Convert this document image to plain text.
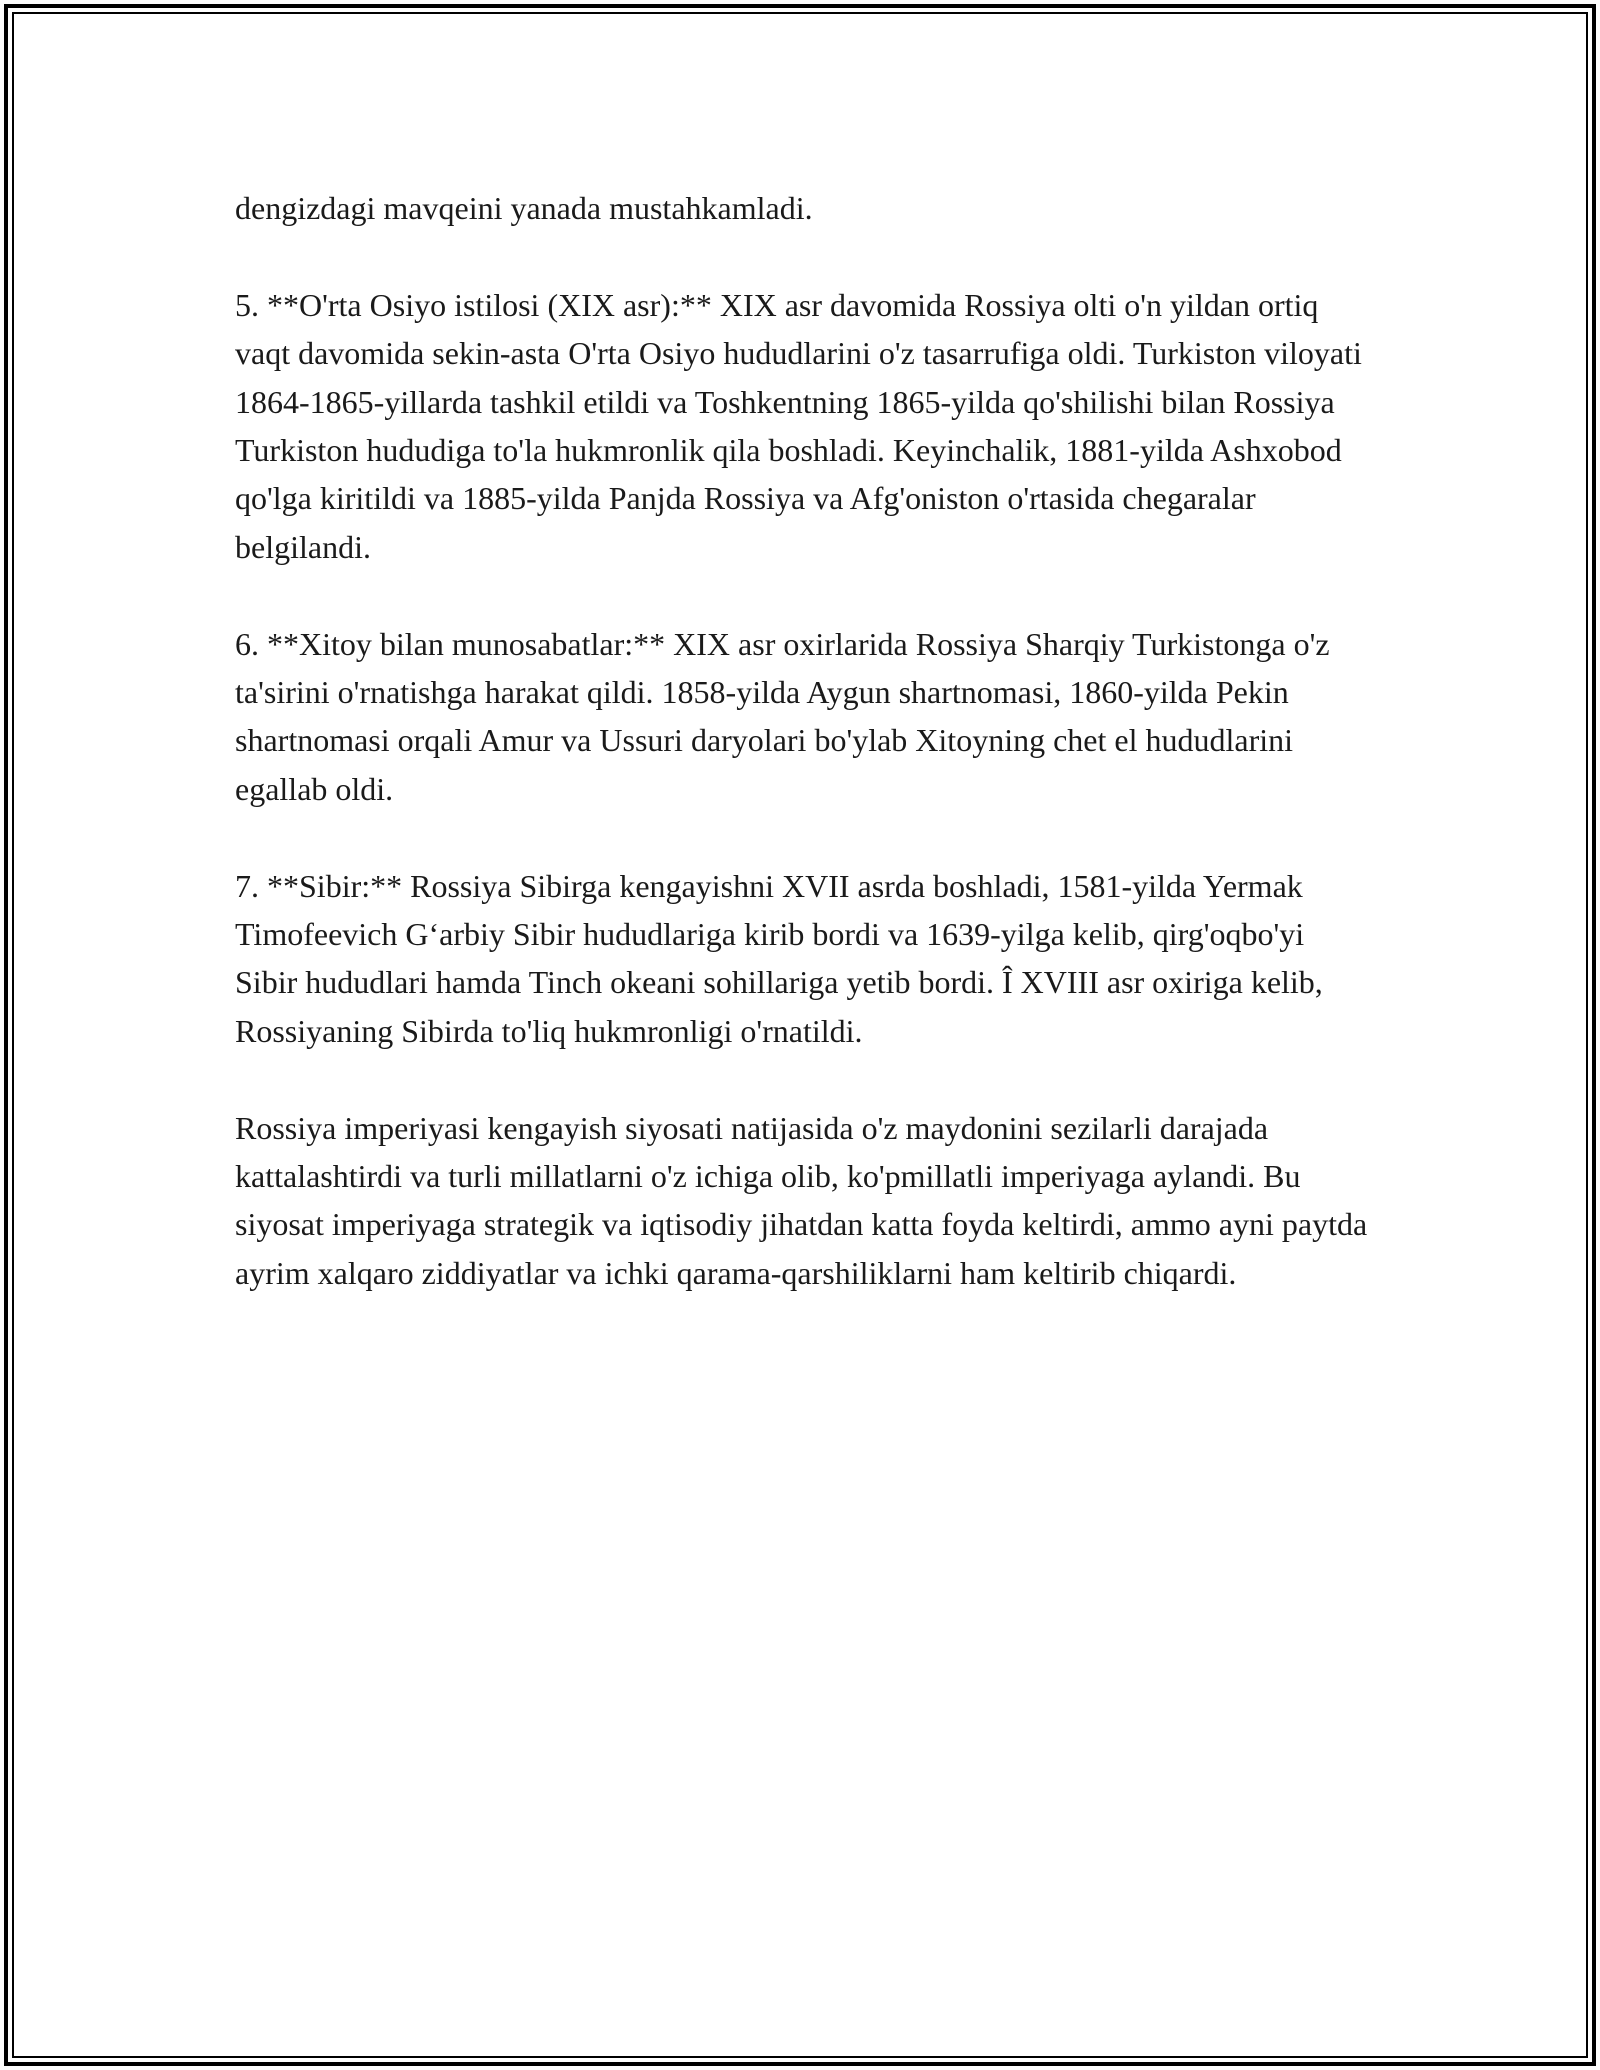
dengizdagi mavqeini yanada mustahkamladi.

5. **O'rta Osiyo istilosi (XIX asr):** XIX asr davomida Rossiya olti o'n yildan ortiq vaqt davomida sekin-asta O'rta Osiyo hududlarini o'z tasarrufiga oldi. Turkiston viloyati 1864-1865-yillarda tashkil etildi va Toshkentning 1865-yilda qo'shilishi bilan Rossiya Turkiston hududiga to'la hukmronlik qila boshladi. Keyinchalik, 1881-yilda Ashxobod qo'lga kiritildi va 1885-yilda Panjda Rossiya va Afg'oniston o'rtasida chegaralar belgilandi.

6. **Xitoy bilan munosabatlar:** XIX asr oxirlarida Rossiya Sharqiy Turkistonga o'z ta'sirini o'rnatishga harakat qildi. 1858-yilda Aygun shartnomasi, 1860-yilda Pekin shartnomasi orqali Amur va Ussuri daryolari bo'ylab Xitoyning chet el hududlarini egallab oldi.

7. **Sibir:** Rossiya Sibirga kengayishni XVII asrda boshladi, 1581-yilda Yermak Timofeevich G‘arbiy Sibir hududlariga kirib bordi va 1639-yilga kelib, qirg'oqbo'yi Sibir hududlari hamda Tinch okeani sohillariga yetib bordi. Î XVIII asr oxiriga kelib, Rossiyaning Sibirda to'liq hukmronligi o'rnatildi.

Rossiya imperiyasi kengayish siyosati natijasida o'z maydonini sezilarli darajada kattalashtirdi va turli millatlarni o'z ichiga olib, ko'pmillatli imperiyaga aylandi. Bu siyosat imperiyaga strategik va iqtisodiy jihatdan katta foyda keltirdi, ammo ayni paytda ayrim xalqaro ziddiyatlar va ichki qarama-qarshiliklarni ham keltirib chiqardi.
